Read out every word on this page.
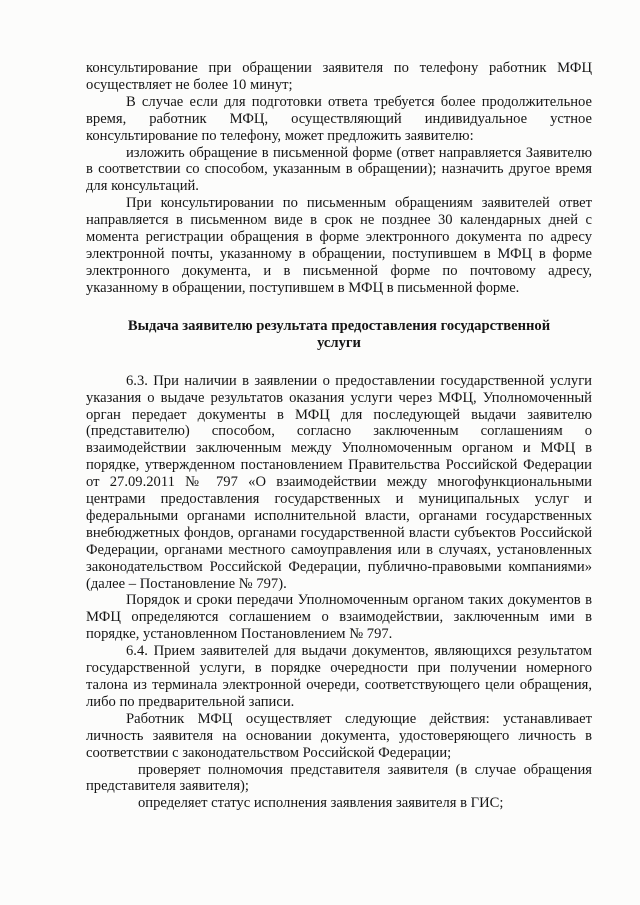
консультирование при обращении заявителя по телефону работник МФЦ осуществляет не более 10 минут;

В случае если для подготовки ответа требуется более продолжительное время, работник МФЦ, осуществляющий индивидуальное устное консультирование по телефону, может предложить заявителю:

изложить обращение в письменной форме (ответ направляется Заявителю в соответствии со способом, указанным в обращении); назначить другое время для консультаций.

При консультировании по письменным обращениям заявителей ответ направляется в письменном виде в срок не позднее 30 календарных дней с момента регистрации обращения в форме электронного документа по адресу электронной почты, указанному в обращении, поступившем в МФЦ в форме электронного документа, и в письменной форме по почтовому адресу, указанному в обращении, поступившем в МФЦ в письменной форме.

Выдача заявителю результата предоставления государственной услуги

6.3. При наличии в заявлении о предоставлении государственной услуги указания о выдаче результатов оказания услуги через МФЦ, Уполномоченный орган передает документы в МФЦ для последующей выдачи заявителю (представителю) способом, согласно заключенным соглашениям о взаимодействии заключенным между Уполномоченным органом и МФЦ в порядке, утвержденном постановлением Правительства Российской Федерации от 27.09.2011 № 797 «О взаимодействии между многофункциональными центрами предоставления государственных и муниципальных услуг и федеральными органами исполнительной власти, органами государственных внебюджетных фондов, органами государственной власти субъектов Российской Федерации, органами местного самоуправления или в случаях, установленных законодательством Российской Федерации, публично-правовыми компаниями» (далее – Постановление № 797).

Порядок и сроки передачи Уполномоченным органом таких документов в МФЦ определяются соглашением о взаимодействии, заключенным ими в порядке, установленном Постановлением № 797.

6.4. Прием заявителей для выдачи документов, являющихся результатом государственной услуги, в порядке очередности при получении номерного талона из терминала электронной очереди, соответствующего цели обращения, либо по предварительной записи.

Работник МФЦ осуществляет следующие действия: устанавливает личность заявителя на основании документа, удостоверяющего личность в соответствии с законодательством Российской Федерации;

проверяет полномочия представителя заявителя (в случае обращения представителя заявителя);

определяет статус исполнения заявления заявителя в ГИС;
